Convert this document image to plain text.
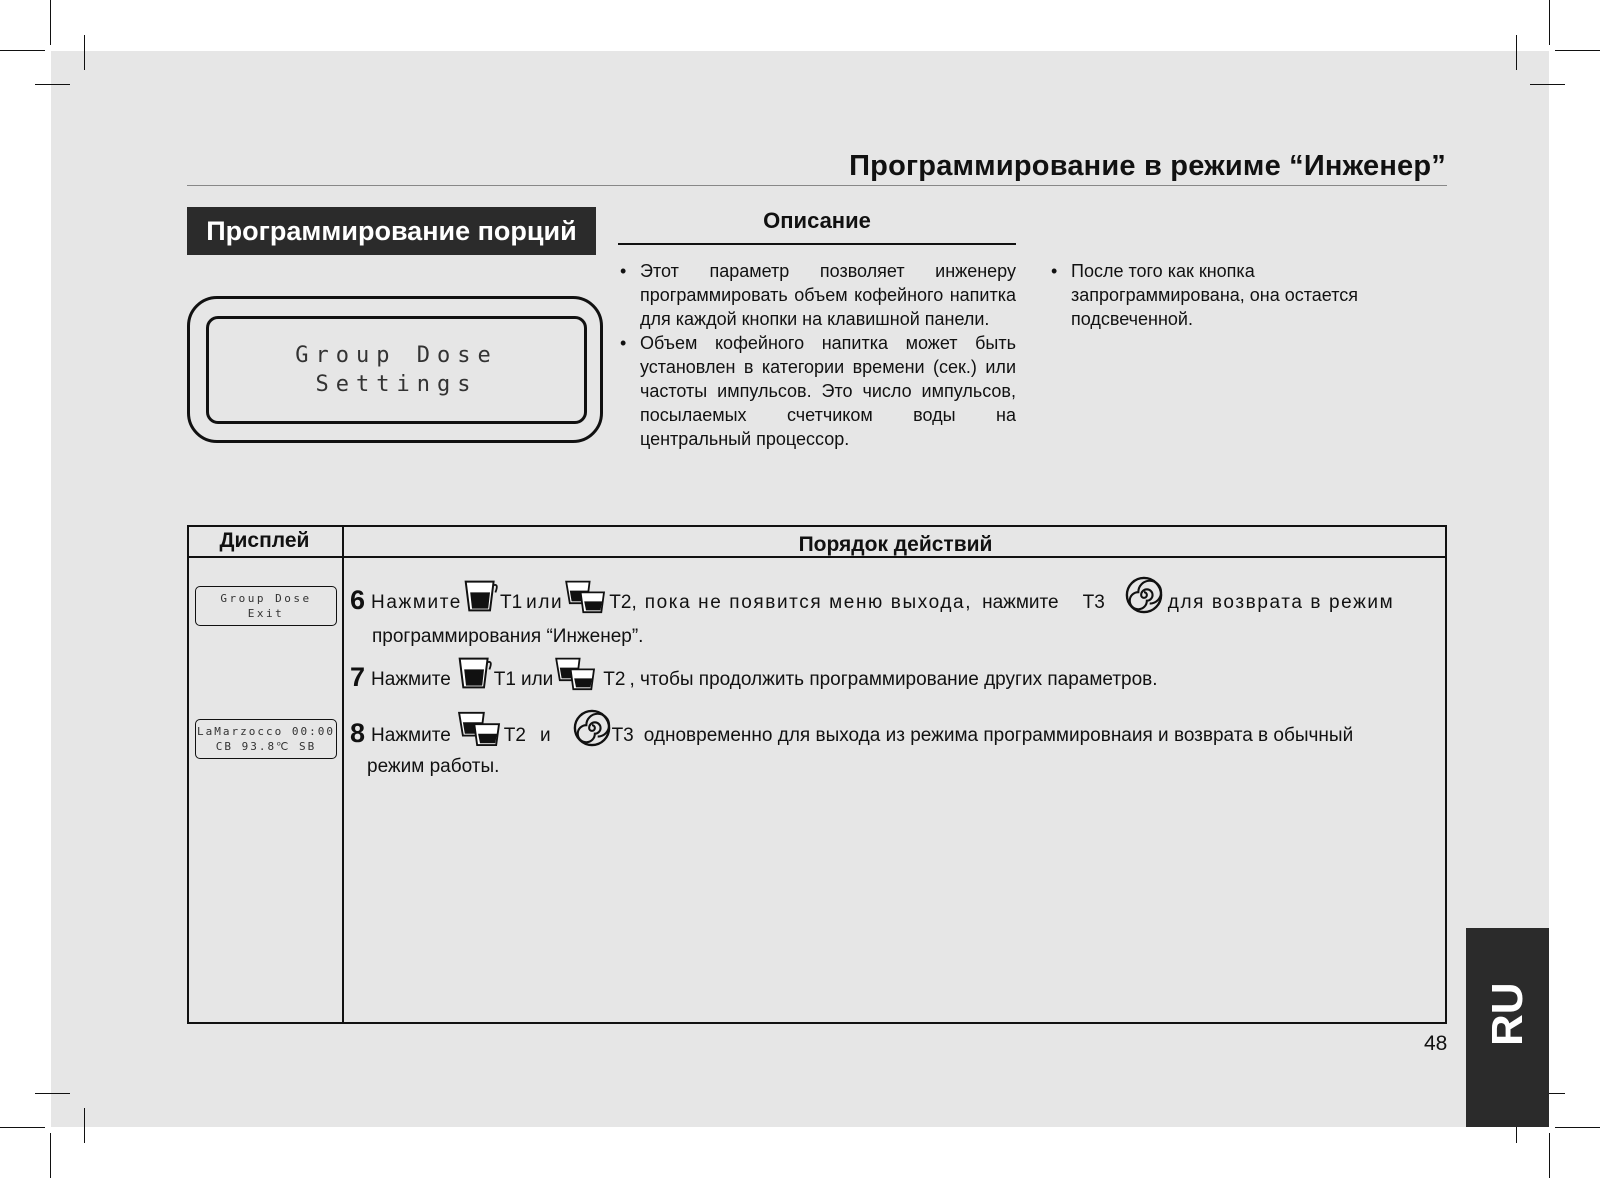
Программирование в режиме “Инженер”
Программирование порций
Group Dose
Settings
Описание
• Этот параметр позволяет инженеру программировать объем кофейного напитка для каждой кнопки на клавишной панели.
• Объем кофейного напитка может быть установлен в категории времени (сек.) или частоты импульсов. Это число импульсов, посылаемых счетчиком воды на центральный процессор.
• После того как кнопка запрограммирована, она остается подсвеченной.
Дисплей	Порядок действий
Group Dose
Exit
LaMarzocco 00:00
CB 93.8℃ SB
6 Нажмите T1 или T2, пока не появится меню выхода, нажмите T3	для возврата в режим
программирования “Инженер”.
7 Нажмите T1 или	T2 , чтобы продолжить программирование других параметров.
8 Нажмите	T2 и	T3 одновременно для выхода из режима программировнаия и возврата в обычный
режим работы.
48 RU
